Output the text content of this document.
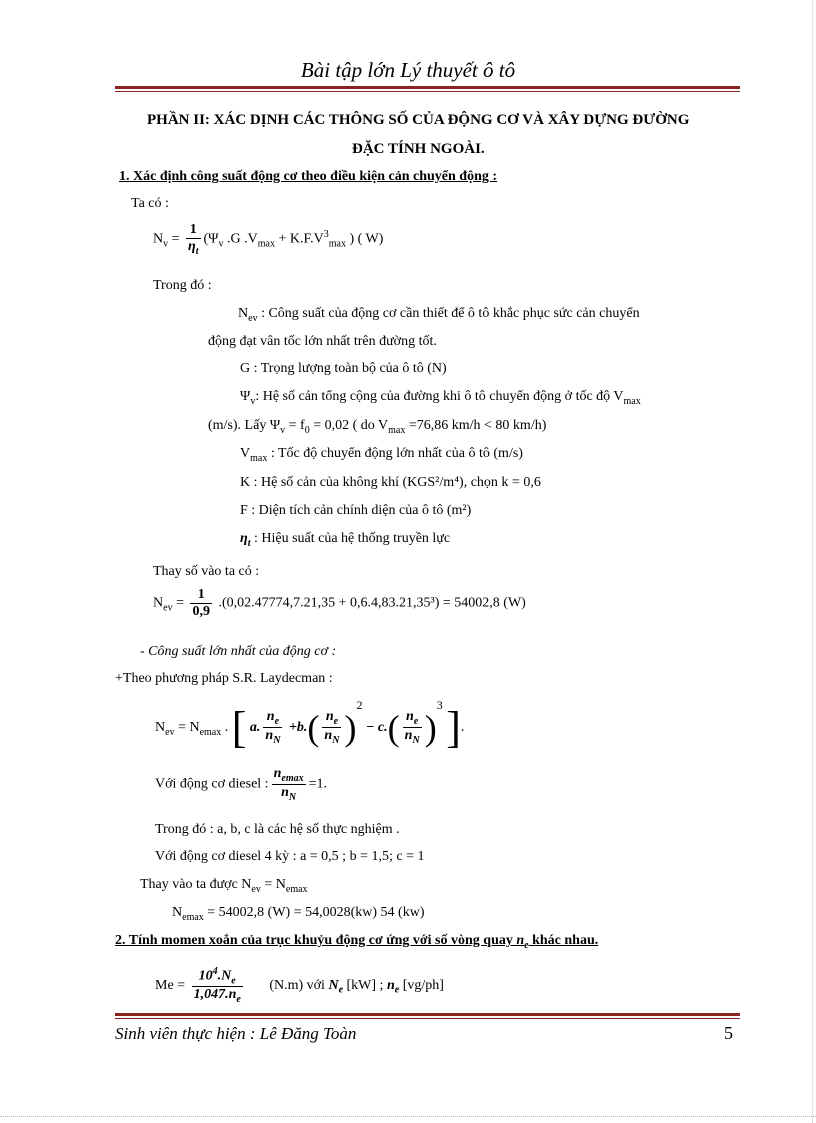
Bài tập lớn Lý thuyết ô tô
PHẦN II: XÁC DỊNH CÁC THÔNG SỐ CỦA ĐỘNG CƠ VÀ XÂY DỰNG ĐƯỜNG
ĐẶC TÍNH NGOÀI.
1. Xác định công suất động cơ theo điều kiện cản chuyển động :
Ta có :
$N_v = \frac{1}{\eta_t} (\Psi_v$ .G $.V_{max} + K.F.V^3_{max}$ ) ( W)
Trong đó :
$N_{ev}$ : Công suất của động cơ cần thiết để ô tô khắc phục sức cản chuyển
động đạt vân tốc lớn nhất trên đường tốt.
G : Trọng lượng toàn bộ của ô tô (N)
$\Psi_v$: Hệ số cản tổng cộng của đường khi ô tô chuyển động ở tốc độ $V_{max}$
(m/s). Lấy $\Psi_v = f_0 = 0,02$ ( do $V_{max} =76,86$ km/h < 80 km/h)
$V_{max}$ : Tốc độ chuyển động lớn nhất của ô tô (m/s)
K : Hệ số cản của không khí (KGS²/m⁴), chọn k = 0,6
F : Diện tích cản chính diện của ô tô (m²)
$\eta_t$ : Hiệu suất của hệ thống truyền lực
Thay số vào ta có :
$N_{ev} = \frac{1}{0,9} .(0,02.47774,7.21,35 + 0,6.4,83.21,35^3) = 54002,8$ (W)
- Công suất lớn nhất của động cơ :
+Theo phương pháp S.R. Laydecman :
$N_{ev} = N_{emax}$ . [ a. $\frac{n_e}{n_N} +b.( \frac{n_e}{n_N} )^2 - c.( \frac{n_e}{n_N} )^3$ ].
Với động cơ diesel : $\frac{n_{emax}}{n_N} =1$.
Trong đó : a, b, c là các hệ số thực nghiệm .
Với động cơ diesel 4 kỳ : a = 0,5 ; b = 1,5; c = 1
Thay vào ta được $N_{ev} = N_{emax}$
$N_{emax} = 54002,8$ (W) = 54,0028(kw) 54 (kw)
2. Tính momen xoắn của trục khuỷu động cơ ứng với số vòng quay $n_e$ khác nhau.
$Me = \frac{10^4.N_e}{1,047.n_e} (N.m)$ với $N_e$ [kW] ; $n_e$ [vg/ph]
Sinh viên thực hiện : Lê Đăng Toàn	5
